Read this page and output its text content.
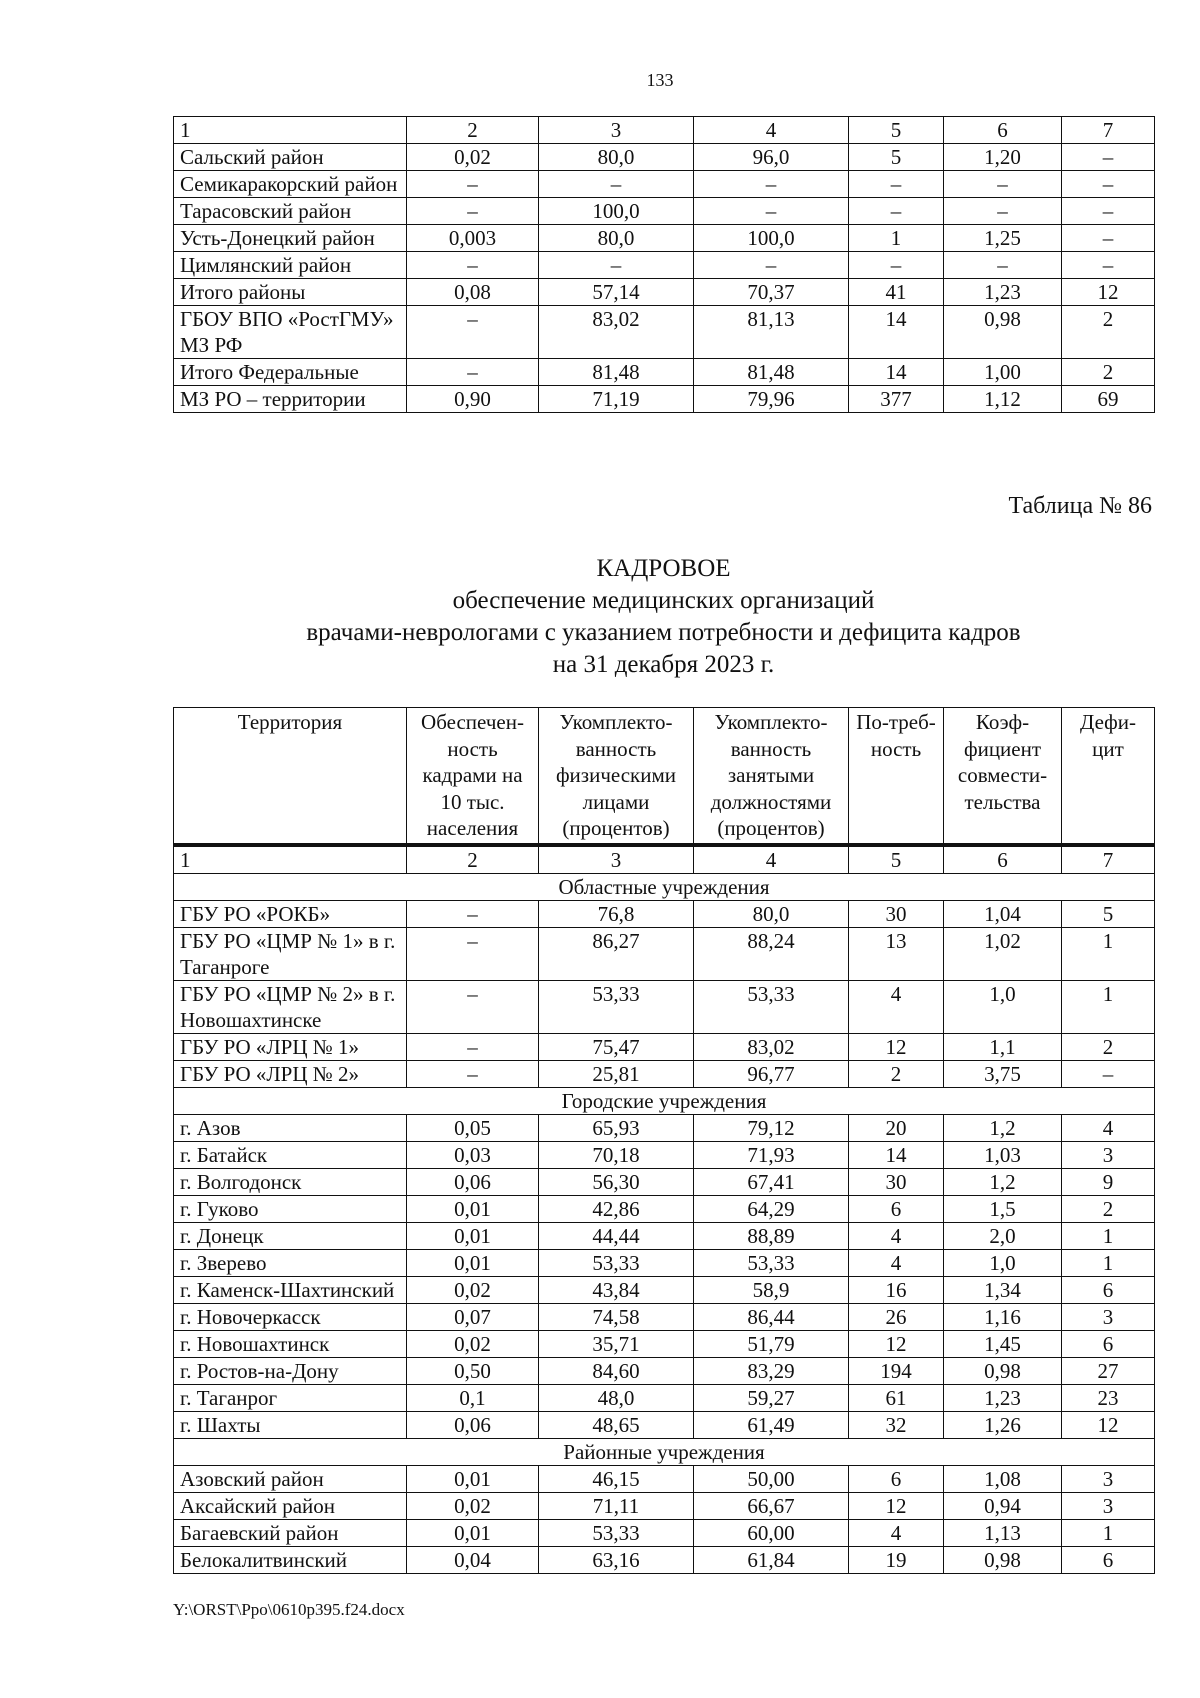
133
1	2	3	4	5	6	7
Сальский район	0,02	80,0	96,0	5	1,20	–
Семикаракорский район	–	–	–	–	–	–
Тарасовский район	–	100,0	–	–	–	–
Усть-Донецкий район	0,003	80,0	100,0	1	1,25	–
Цимлянский район	–	–	–	–	–	–
Итого районы	0,08	57,14	70,37	41	1,23	12
ГБОУ ВПО «РостГМУ» МЗ РФ	–	83,02	81,13	14	0,98	2
Итого Федеральные	–	81,48	81,48	14	1,00	2
МЗ РО – территории	0,90	71,19	79,96	377	1,12	69
Таблица № 86
КАДРОВОЕ
обеспечение медицинских организаций
врачами-неврологами с указанием потребности и дефицита кадров
на 31 декабря 2023 г.
Территория	Обеспечен-ность кадрами на 10 тыс. населения	Укомплекто-ванность физическими лицами (процентов)	Укомплекто-ванность занятыми должностями (процентов)	По-треб-ность	Коэф-фициент совмести-тельства	Дефи-цит
1	2	3	4	5	6	7
Областные учреждения						
ГБУ РО «РОКБ»	–	76,8	80,0	30	1,04	5
ГБУ РО «ЦМР № 1» в г. Таганроге	–	86,27	88,24	13	1,02	1
ГБУ РО «ЦМР № 2» в г. Новошахтинске	–	53,33	53,33	4	1,0	1
ГБУ РО «ЛРЦ № 1»	–	75,47	83,02	12	1,1	2
ГБУ РО «ЛРЦ № 2»	–	25,81	96,77	2	3,75	–
Городские учреждения						
г. Азов	0,05	65,93	79,12	20	1,2	4
г. Батайск	0,03	70,18	71,93	14	1,03	3
г. Волгодонск	0,06	56,30	67,41	30	1,2	9
г. Гуково	0,01	42,86	64,29	6	1,5	2
г. Донецк	0,01	44,44	88,89	4	2,0	1
г. Зверево	0,01	53,33	53,33	4	1,0	1
г. Каменск-Шахтинский	0,02	43,84	58,9	16	1,34	6
г. Новочеркасск	0,07	74,58	86,44	26	1,16	3
г. Новошахтинск	0,02	35,71	51,79	12	1,45	6
г. Ростов-на-Дону	0,50	84,60	83,29	194	0,98	27
г. Таганрог	0,1	48,0	59,27	61	1,23	23
г. Шахты	0,06	48,65	61,49	32	1,26	12
Районные учреждения						
Азовский район	0,01	46,15	50,00	6	1,08	3
Аксайский район	0,02	71,11	66,67	12	0,94	3
Багаевский район	0,01	53,33	60,00	4	1,13	1
Белокалитвинский	0,04	63,16	61,84	19	0,98	6
Y:\ORST\Ppo\0610p395.f24.docx
